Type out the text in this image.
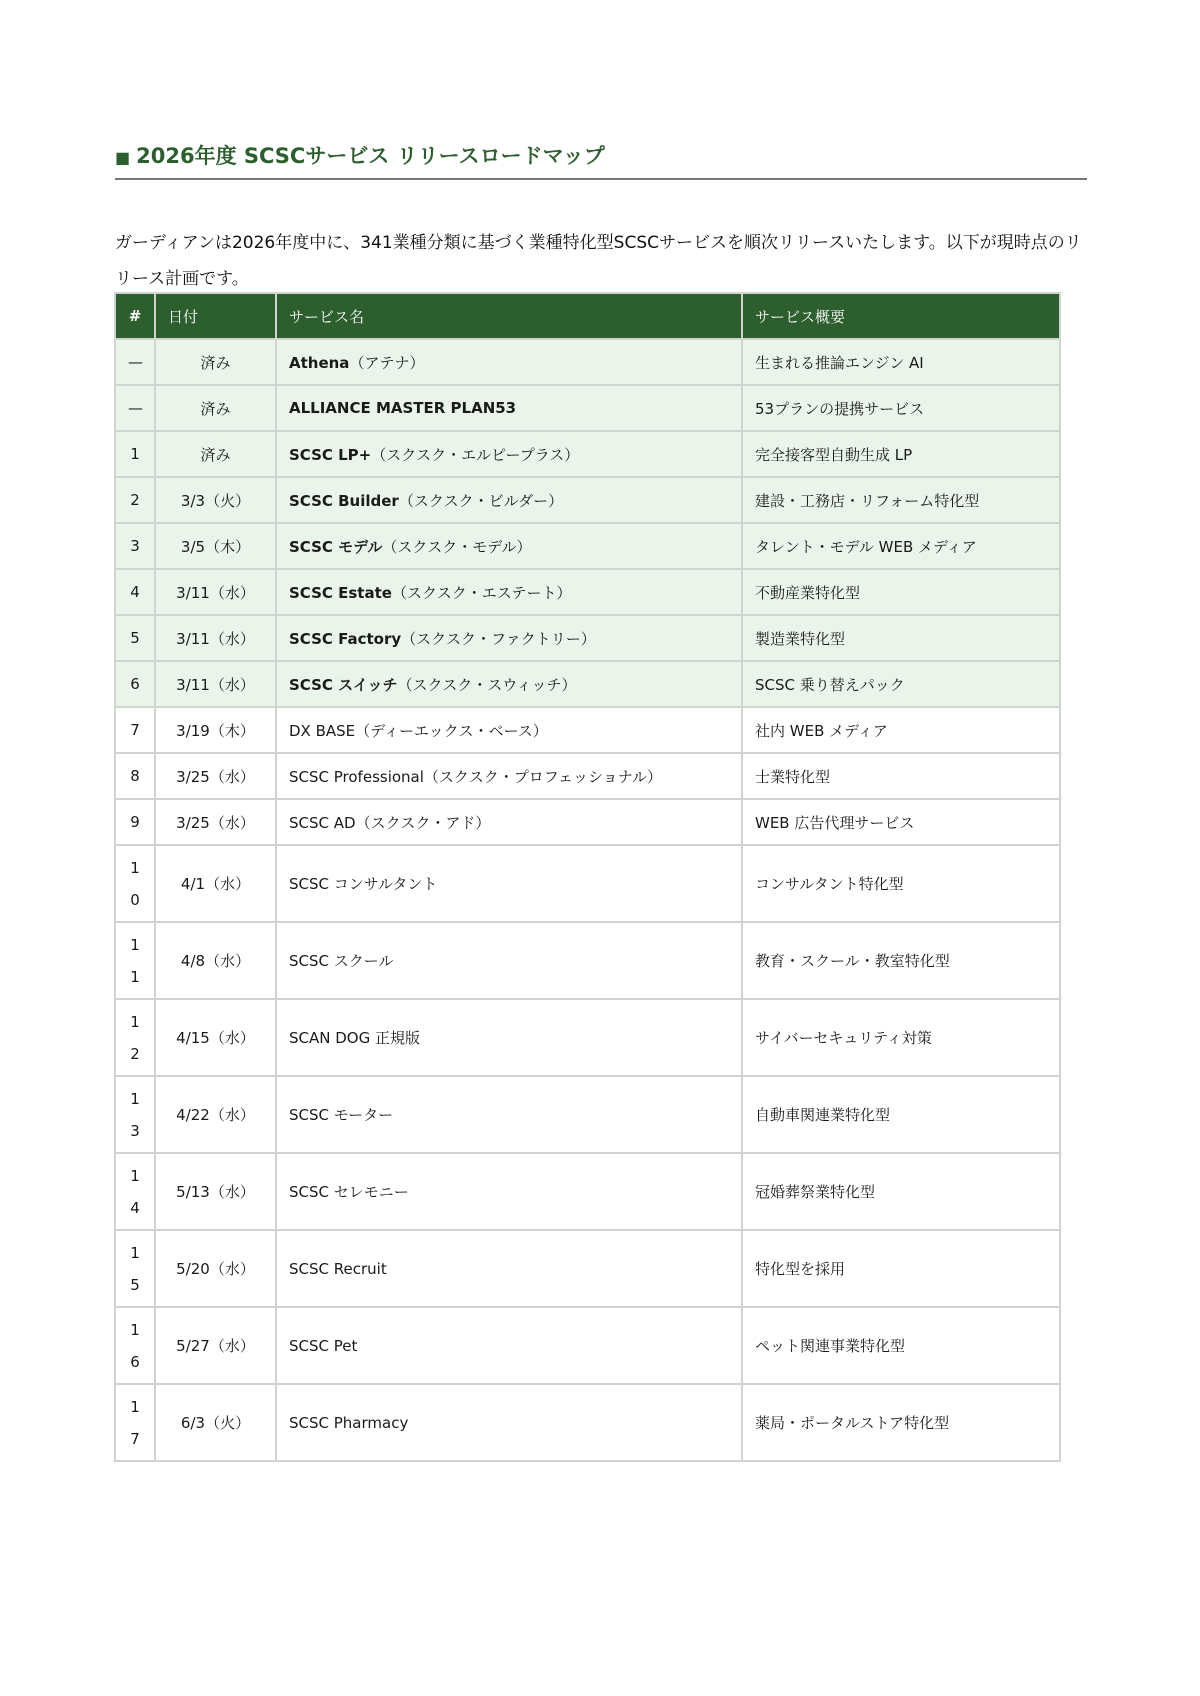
■ 2026年度 SCSCサービス リリースロードマップ

ガーディアンは2026年度中に、341業種分類に基づく業種特化型SCSCサービスを順次リリースいたします。以下が現時点のリリース計画です。

#	日付	サービス名	サービス概要
—	済み	Athena（アテナ）	生まれる推論エンジン AI
—	済み	ALLIANCE MASTER PLAN53	53プランの提携サービス
1	済み	SCSC LP+（スクスク・エルピープラス）	完全接客型自動生成 LP
2	3/3（火）	SCSC Builder（スクスク・ビルダー）	建設・工務店・リフォーム特化型
3	3/5（木）	SCSC モデル（スクスク・モデル）	タレント・モデル WEB メディア
4	3/11（水）	SCSC Estate（スクスク・エステート）	不動産業特化型
5	3/11（水）	SCSC Factory（スクスク・ファクトリー）	製造業特化型
6	3/11（水）	SCSC スイッチ（スクスク・スウィッチ）	SCSC 乗り替えパック
7	3/19（木）	DX BASE（ディーエックス・ベース）	社内 WEB メディア
8	3/25（水）	SCSC Professional（スクスク・プロフェッショナル）	士業特化型
9	3/25（水）	SCSC AD（スクスク・アド）	WEB 広告代理サービス
10	4/1（水）	SCSC コンサルタント	コンサルタント特化型
11	4/8（水）	SCSC スクール	教育・スクール・教室特化型
12	4/15（水）	SCAN DOG 正規版	サイバーセキュリティ対策
13	4/22（水）	SCSC モーター	自動車関連業特化型
14	5/13（水）	SCSC セレモニー	冠婚葬祭業特化型
15	5/20（水）	SCSC Recruit	特化型を採用
16	5/27（水）	SCSC Pet	ペット関連事業特化型
17	6/3（火）	SCSC Pharmacy	薬局・ポータルストア特化型
